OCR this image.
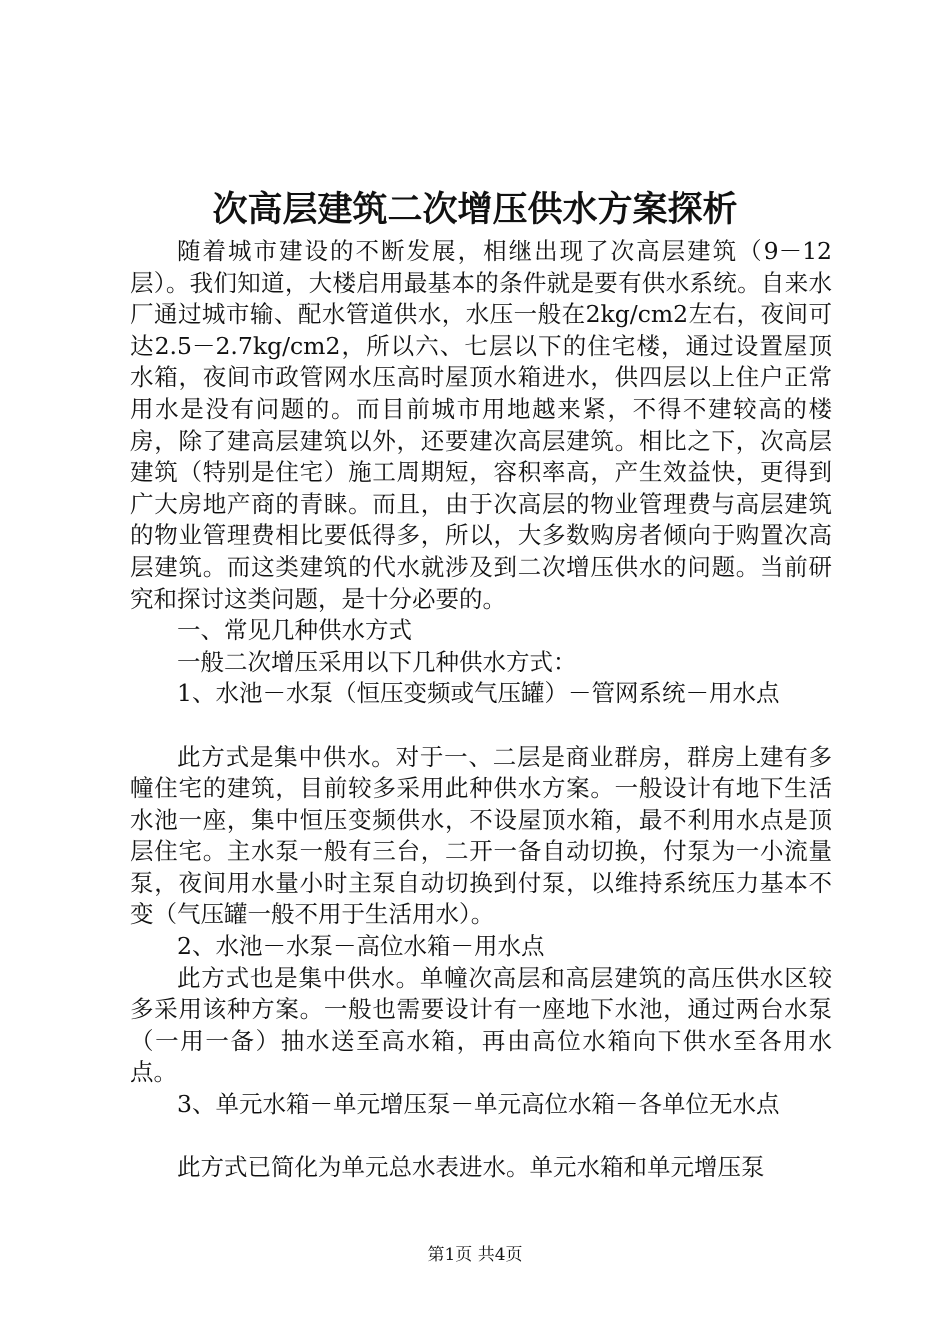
次高层建筑二次增压供水方案探析

随着城市建设的不断发展，相继出现了次高层建筑（9－12层）。我们知道，大楼启用最基本的条件就是要有供水系统。自来水厂通过城市输、配水管道供水，水压一般在2kg/cm2左右，夜间可达2.5－2.7kg/cm2，所以六、七层以下的住宅楼，通过设置屋顶水箱，夜间市政管网水压高时屋顶水箱进水，供四层以上住户正常用水是没有问题的。而目前城市用地越来紧，不得不建较高的楼房，除了建高层建筑以外，还要建次高层建筑。相比之下，次高层建筑（特别是住宅）施工周期短，容积率高，产生效益快，更得到广大房地产商的青睐。而且，由于次高层的物业管理费与高层建筑的物业管理费相比要低得多，所以，大多数购房者倾向于购置次高层建筑。而这类建筑的代水就涉及到二次增压供水的问题。当前研究和探讨这类问题，是十分必要的。

一、常见几种供水方式

一般二次增压采用以下几种供水方式：

1、水池－水泵（恒压变频或气压罐）－管网系统－用水点

此方式是集中供水。对于一、二层是商业群房，群房上建有多幢住宅的建筑，目前较多采用此种供水方案。一般设计有地下生活水池一座，集中恒压变频供水，不设屋顶水箱，最不利用水点是顶层住宅。主水泵一般有三台，二开一备自动切换，付泵为一小流量泵，夜间用水量小时主泵自动切换到付泵，以维持系统压力基本不变（气压罐一般不用于生活用水）。

2、水池－水泵－高位水箱－用水点

此方式也是集中供水。单幢次高层和高层建筑的高压供水区较多采用该种方案。一般也需要设计有一座地下水池，通过两台水泵（一用一备）抽水送至高水箱，再由高位水箱向下供水至各用水点。

3、单元水箱－单元增压泵－单元高位水箱－各单位无水点

此方式已简化为单元总水表进水。单元水箱和单元增压泵

第1页 共4页
